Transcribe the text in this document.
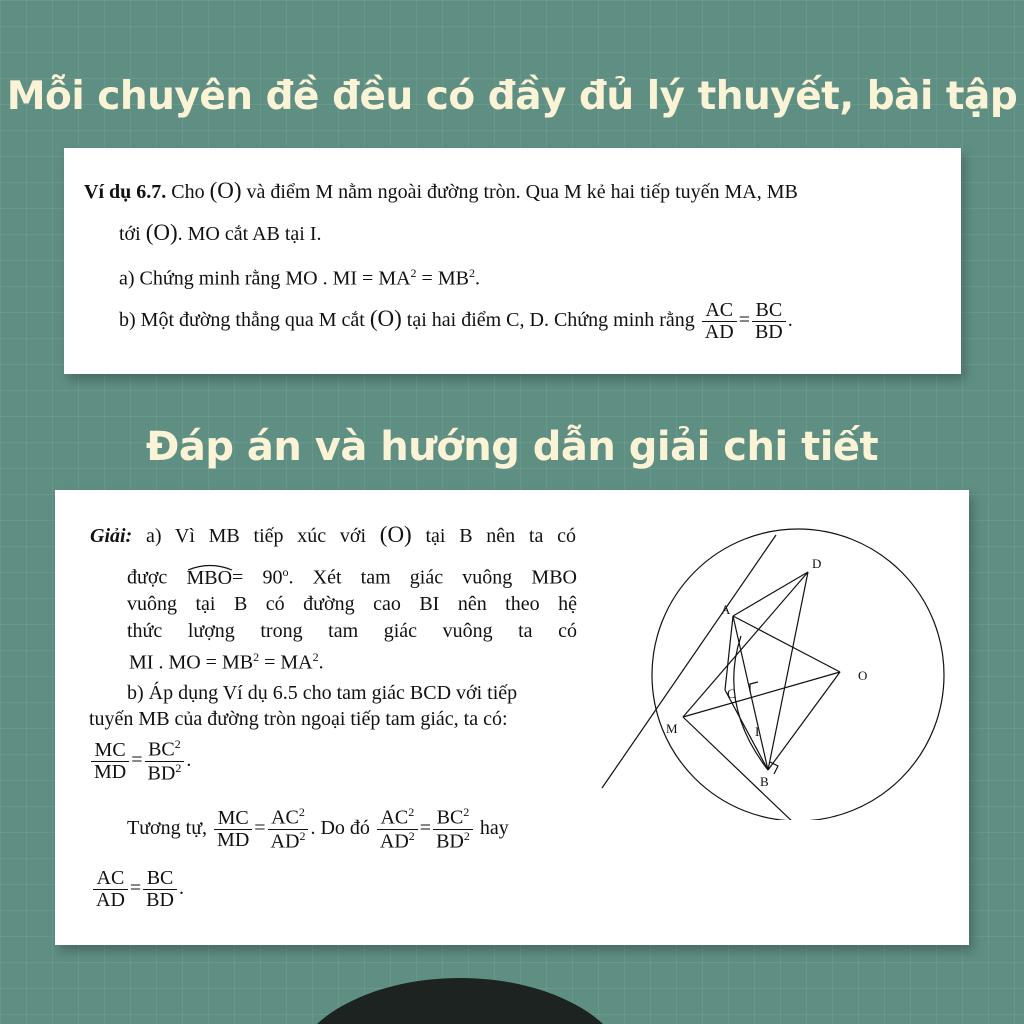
Mỗi chuyên đề đều có đầy đủ lý thuyết, bài tập
Ví dụ 6.7. Cho (O) và điểm M nằm ngoài đường tròn. Qua M kẻ hai tiếp tuyến MA, MB
tới (O). MO cắt AB tại I.
a) Chứng minh rằng MO . MI = $MA^2 = MB^2$.
b) Một đường thẳng qua M cắt (O) tại hai điểm C, D. Chứng minh rằng $\frac{AC}{AD} = \frac{BC}{BD}$ .
Đáp án và hướng dẫn giải chi tiết
Giải: a) Vì MB tiếp xúc với (O) tại B nên ta có
được MBO
= $90^o$. Xét tam giác vuông MBO
vuông tại B có đường cao BI nên theo hệ
thức lượng trong tam giác vuông ta có
MI . MO = $MB^2 = MA^2$.
b) Áp dụng Ví dụ 6.5 cho tam giác BCD với tiếp
tuyến MB của đường tròn ngoại tiếp tam giác, ta có:
$\frac{MC}{MD} = \frac{BC^2}{BD^2}$ .
Tương tự, $\frac{MC}{MD} = \frac{AC^2}{AD^2}$ . Do đó $\frac{AC^2}{AD^2} = \frac{BC^2}{BD^2}$ hay
$\frac{AC}{AD} = \frac{BC}{BD}$ .
A
B
C
D
I
M
O
